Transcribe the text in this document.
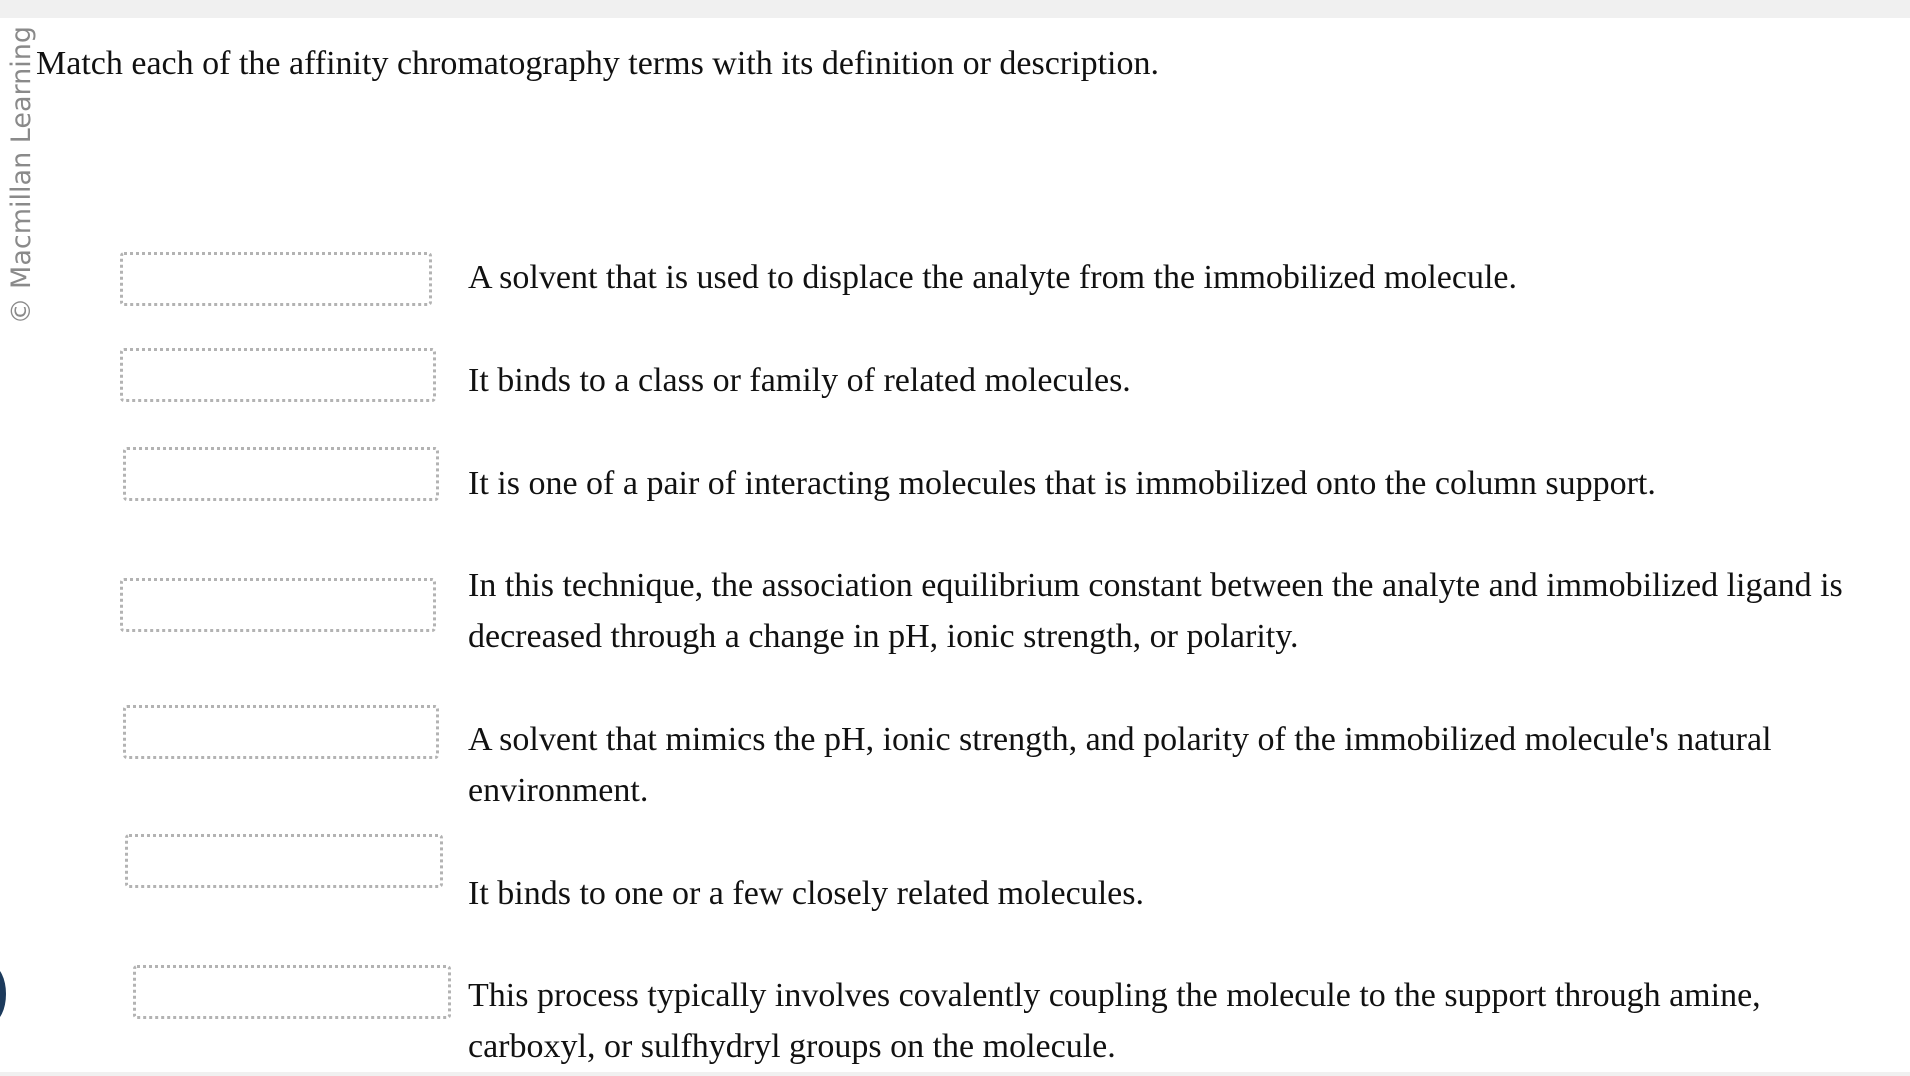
© Macmillan Learning Match each of the affinity chromatography terms with its definition or description.

A solvent that is used to displace the analyte from the immobilized molecule.

It binds to a class or family of related molecules.

It is one of a pair of interacting molecules that is immobilized onto the column support.

In this technique, the association equilibrium constant between the analyte and immobilized ligand is decreased through a change in pH, ionic strength, or polarity.

A solvent that mimics the pH, ionic strength, and polarity of the immobilized molecule's natural environment.

It binds to one or a few closely related molecules.

This process typically involves covalently coupling the molecule to the support through amine, carboxyl, or sulfhydryl groups on the molecule.
